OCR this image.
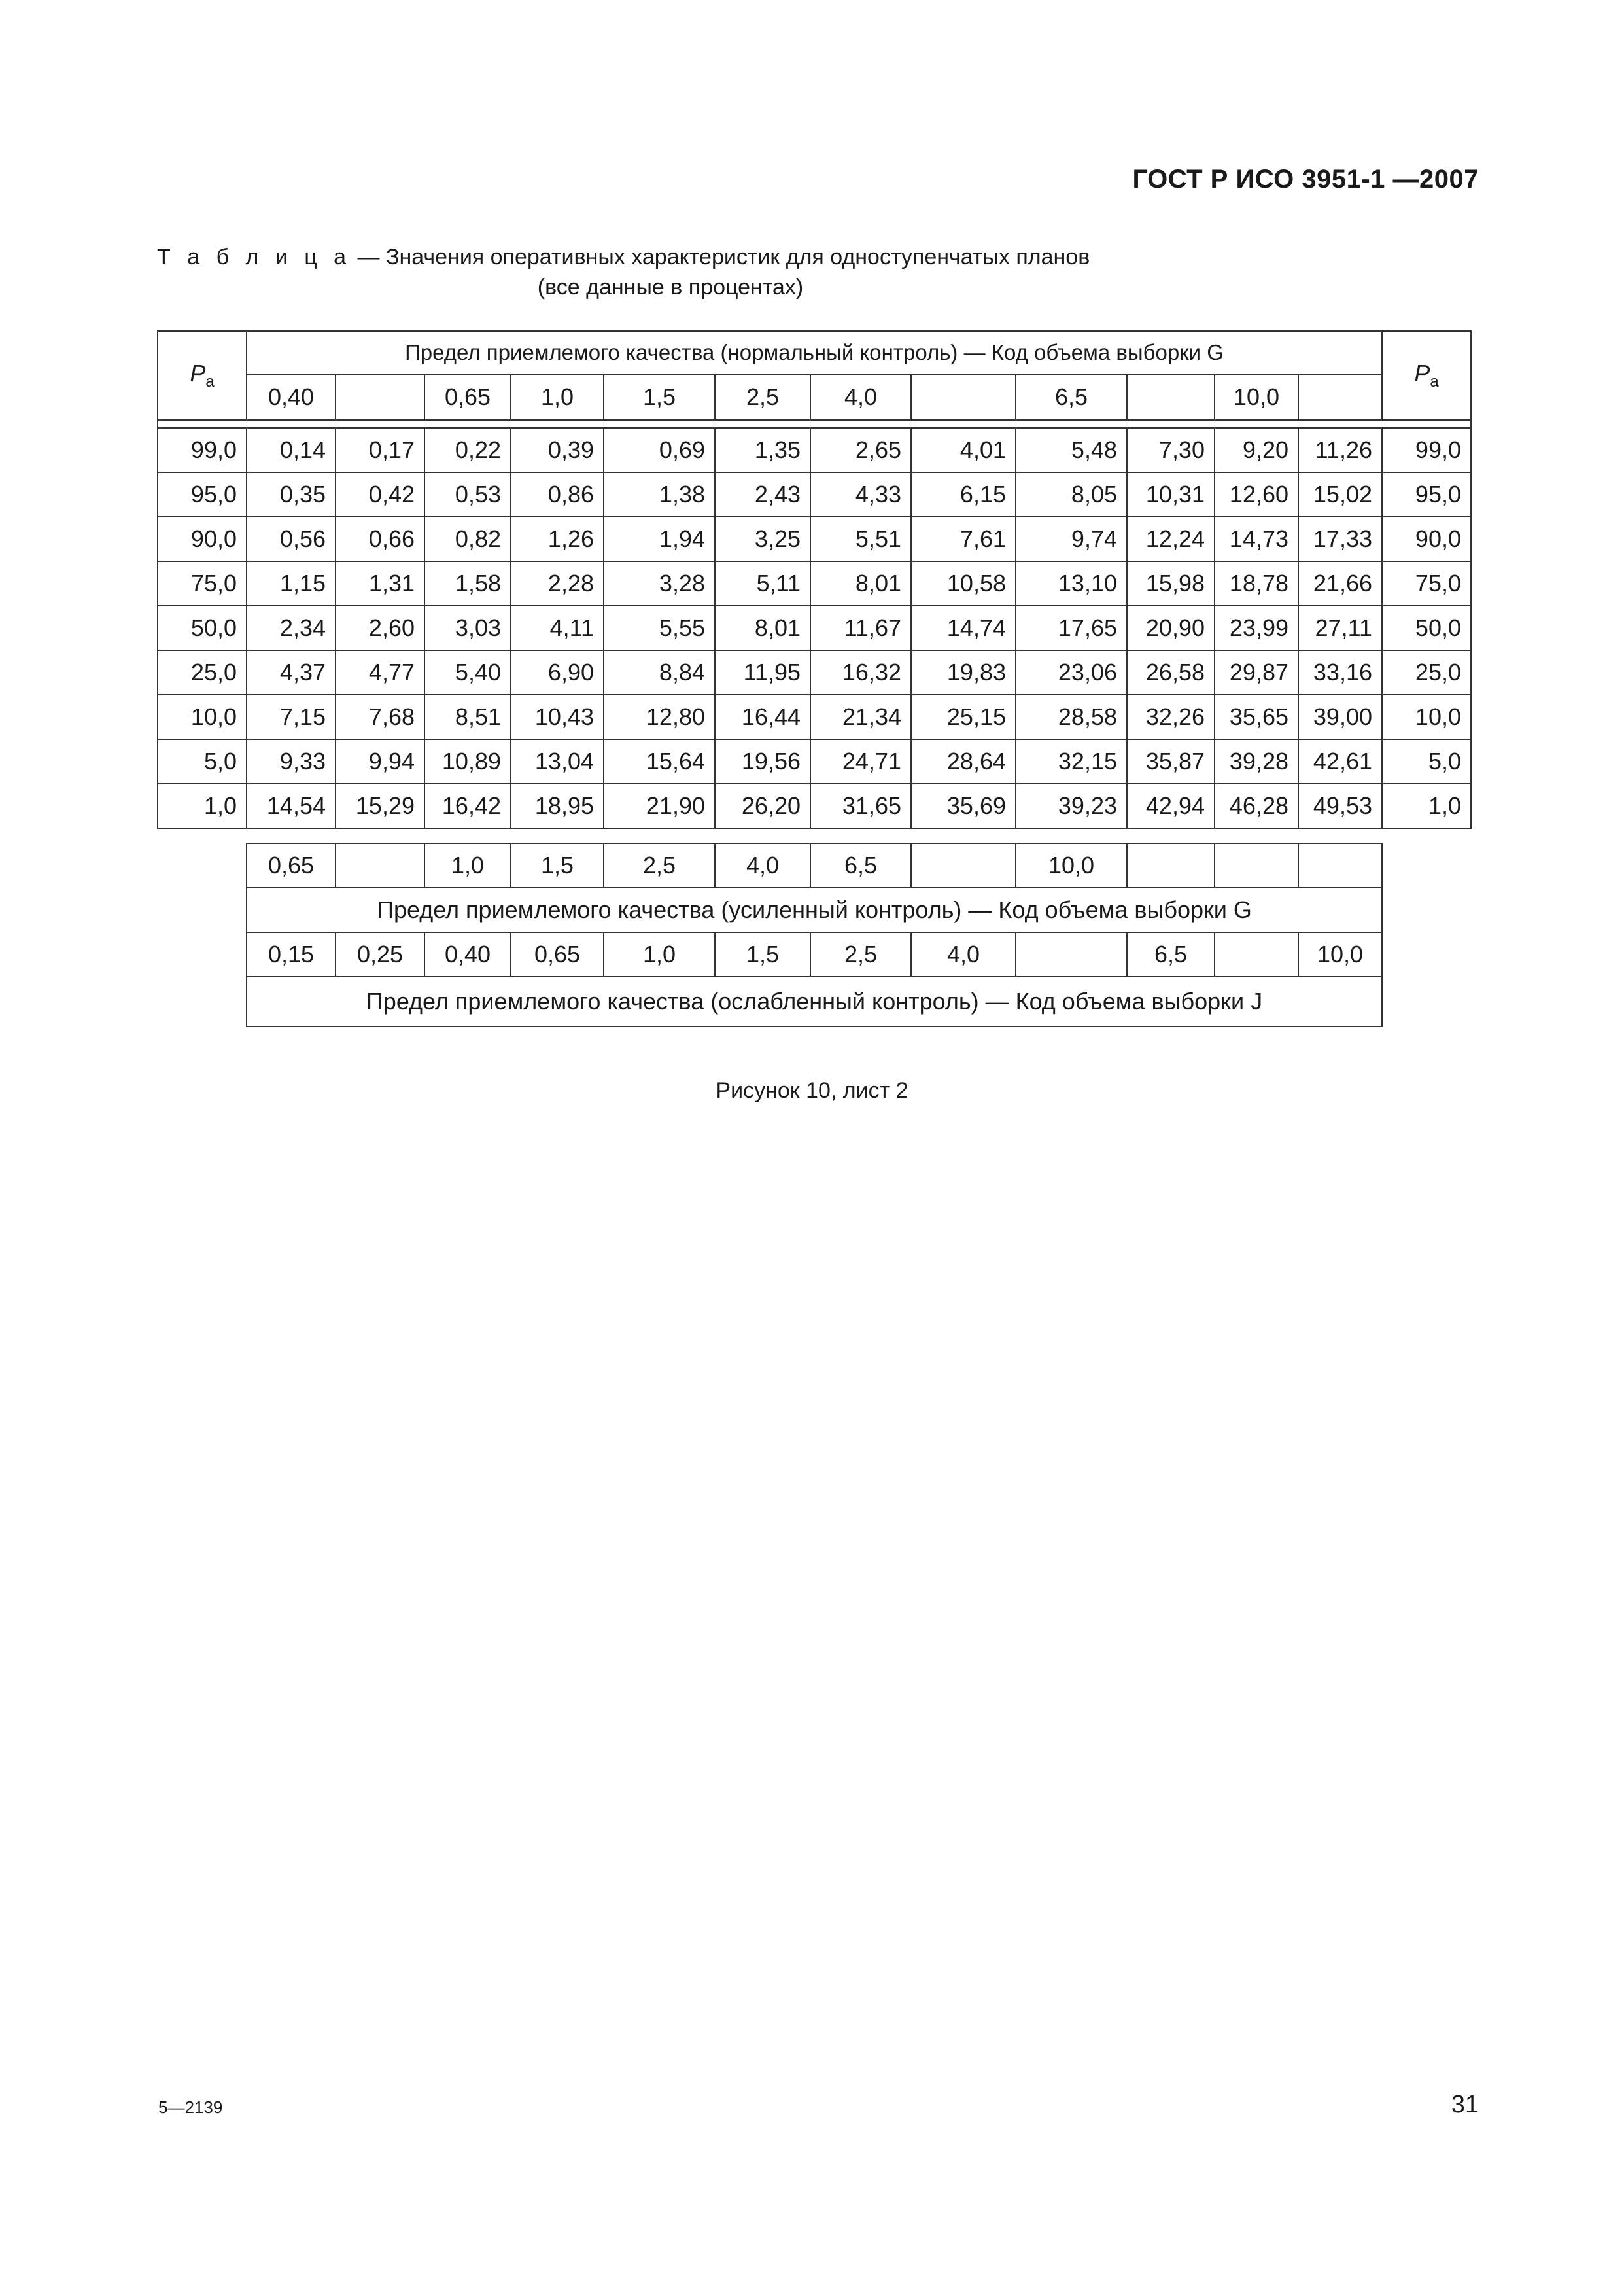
ГОСТ Р ИСО 3951-1 —2007
Т а б л и ц а — Значения оперативных характеристик для одноступенчатых планов
(все данные в процентах)
$P_a$	Предел приемлемого качества (нормальный контроль) — Код объема выборки G												$P_a$
	0,40		0,65	1,0	1,5	2,5	4,0		6,5		10,0		

99,0	0,14	0,17	0,22	0,39	0,69	1,35	2,65	4,01	5,48	7,30	9,20	11,26	99,0
95,0	0,35	0,42	0,53	0,86	1,38	2,43	4,33	6,15	8,05	10,31	12,60	15,02	95,0
90,0	0,56	0,66	0,82	1,26	1,94	3,25	5,51	7,61	9,74	12,24	14,73	17,33	90,0
75,0	1,15	1,31	1,58	2,28	3,28	5,11	8,01	10,58	13,10	15,98	18,78	21,66	75,0
50,0	2,34	2,60	3,03	4,11	5,55	8,01	11,67	14,74	17,65	20,90	23,99	27,11	50,0
25,0	4,37	4,77	5,40	6,90	8,84	11,95	16,32	19,83	23,06	26,58	29,87	33,16	25,0
10,0	7,15	7,68	8,51	10,43	12,80	16,44	21,34	25,15	28,58	32,26	35,65	39,00	10,0
5,0	9,33	9,94	10,89	13,04	15,64	19,56	24,71	28,64	32,15	35,87	39,28	42,61	5,0
1,0	14,54	15,29	16,42	18,95	21,90	26,20	31,65	35,69	39,23	42,94	46,28	49,53	1,0
0,65		1,0	1,5	2,5	4,0	6,5		10,0			
Предел приемлемого качества (усиленный контроль) — Код объема выборки G											
0,15	0,25	0,40	0,65	1,0	1,5	2,5	4,0		6,5		10,0
Предел приемлемого качества (ослабленный контроль) — Код объема выборки J											
Рисунок 10, лист 2
5—2139	31
